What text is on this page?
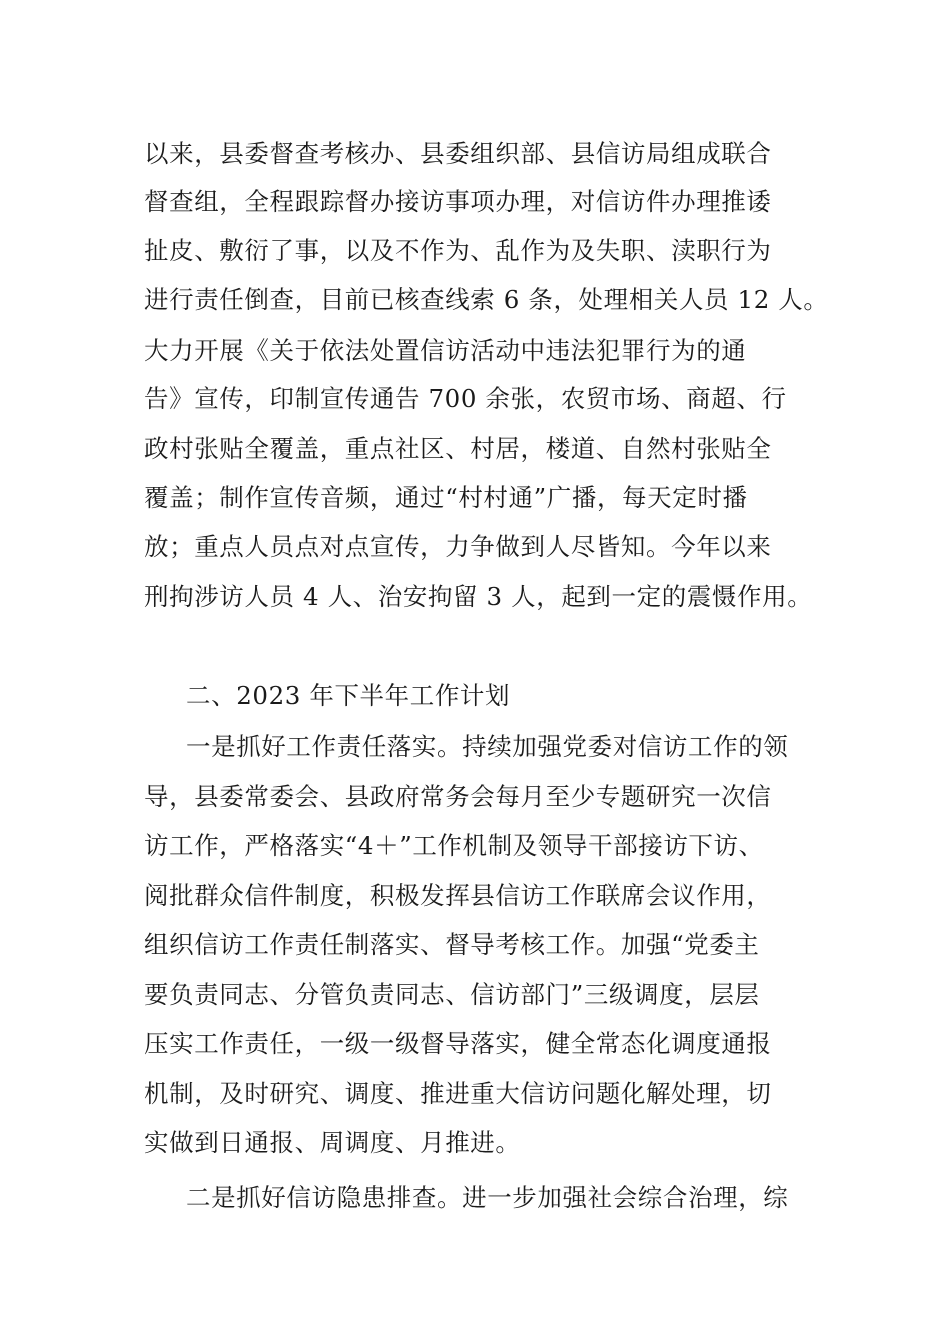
以来，县委督查考核办、县委组织部、县信访局组成联合
督查组，全程跟踪督办接访事项办理，对信访件办理推诿
扯皮、敷衍了事，以及不作为、乱作为及失职、渎职行为
进行责任倒查，目前已核查线索 6 条，处理相关人员 12 人。
大力开展《关于依法处置信访活动中违法犯罪行为的通
告》宣传，印制宣传通告 700 余张，农贸市场、商超、行
政村张贴全覆盖，重点社区、村居，楼道、自然村张贴全
覆盖；制作宣传音频，通过“村村通”广播，每天定时播
放；重点人员点对点宣传，力争做到人尽皆知。今年以来
刑拘涉访人员 4 人、治安拘留 3 人，起到一定的震慑作用。
二、2023 年下半年工作计划
一是抓好工作责任落实。持续加强党委对信访工作的领
导，县委常委会、县政府常务会每月至少专题研究一次信
访工作，严格落实“4＋”工作机制及领导干部接访下访、
阅批群众信件制度，积极发挥县信访工作联席会议作用，
组织信访工作责任制落实、督导考核工作。加强“党委主
要负责同志、分管负责同志、信访部门”三级调度，层层
压实工作责任，一级一级督导落实，健全常态化调度通报
机制，及时研究、调度、推进重大信访问题化解处理，切
实做到日通报、周调度、月推进。
二是抓好信访隐患排查。进一步加强社会综合治理，综
